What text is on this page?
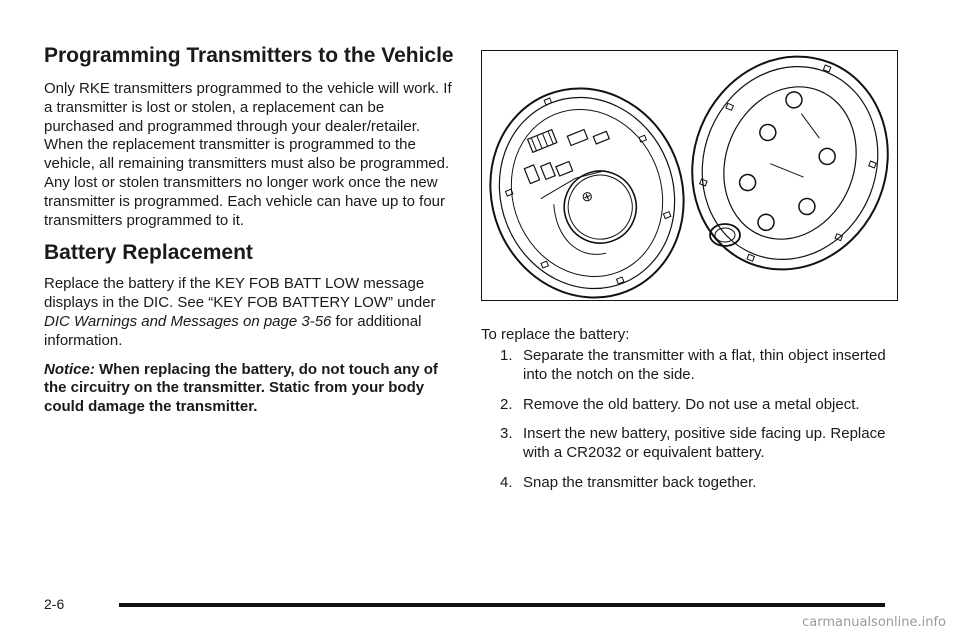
Programming Transmitters to the Vehicle

Only RKE transmitters programmed to the vehicle will work. If a transmitter is lost or stolen, a replacement can be purchased and programmed through your dealer/retailer. When the replacement transmitter is programmed to the vehicle, all remaining transmitters must also be programmed. Any lost or stolen transmitters no longer work once the new transmitter is programmed. Each vehicle can have up to four transmitters programmed to it.

Battery Replacement

Replace the battery if the KEY FOB BATT LOW message displays in the DIC. See “KEY FOB BATTERY LOW” under DIC Warnings and Messages on page 3-56 for additional information.

Notice: When replacing the battery, do not touch any of the circuitry on the transmitter. Static from your body could damage the transmitter.

⊕

To replace the battery:

1. Separate the transmitter with a flat, thin object inserted into the notch on the side.
2. Remove the old battery. Do not use a metal object.
3. Insert the new battery, positive side facing up. Replace with a CR2032 or equivalent battery.
4. Snap the transmitter back together.
2-6
carmanualsonline.info
